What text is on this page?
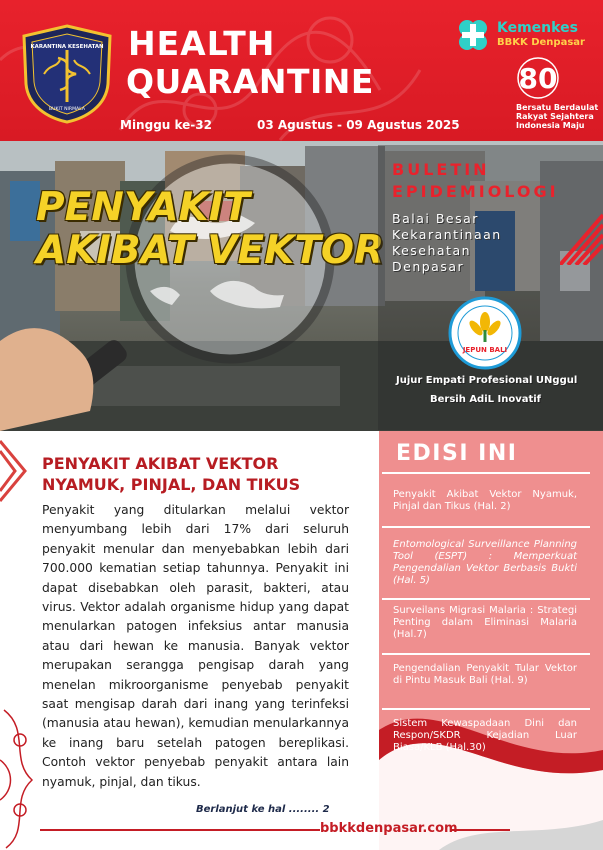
KARANTINA KESEHATAN
BUKIT NIRMALA
HEALTH
QUARANTINE
Minggu ke-32	03 Agustus - 09 Agustus 2025
Kemenkes
BBKK Denpasar
80
Bersatu Berdaulat
Rakyat Sejahtera
Indonesia Maju
PENYAKIT
AKIBAT VEKTOR
BULETIN
EPIDEMIOLOGI
Balai Besar
Kekarantinaan
Kesehatan
Denpasar
JEPUN BALI
Jujur Empati Profesional UNggul
Bersih AdiL Inovatif
PENYAKIT AKIBAT VEKTOR
NYAMUK, PINJAL, DAN TIKUS
Penyakit yang ditularkan melalui vektor menyumbang lebih dari 17% dari seluruh penyakit menular dan menyebabkan lebih dari 700.000 kematian setiap tahunnya. Penyakit ini dapat disebabkan oleh parasit, bakteri, atau virus. Vektor adalah organisme hidup yang dapat menularkan patogen infeksius antar manusia atau dari hewan ke manusia. Banyak vektor merupakan serangga pengisap darah yang menelan mikroorganisme penyebab penyakit saat mengisap darah dari inang yang terinfeksi (manusia atau hewan), kemudian menularkannya ke inang baru setelah patogen bereplikasi. Contoh vektor penyebab penyakit antara lain nyamuk, pinjal, dan tikus.
Berlanjut ke hal ........ 2
EDISI INI
Penyakit Akibat Vektor Nyamuk, Pinjal dan Tikus (Hal. 2)
Entomological Surveillance Planning Tool (ESPT) : Memperkuat Pengendalian Vektor Berbasis Bukti (Hal. 5)
Surveilans Migrasi Malaria : Strategi Penting dalam Eliminasi Malaria (Hal.7)
Pengendalian Penyakit Tular Vektor di Pintu Masuk Bali (Hal. 9)
Sistem Kewaspadaan Dini dan Respon/SKDR Kejadian Luar Biasa/KLB (Hal.30)
bbkkdenpasar.com
